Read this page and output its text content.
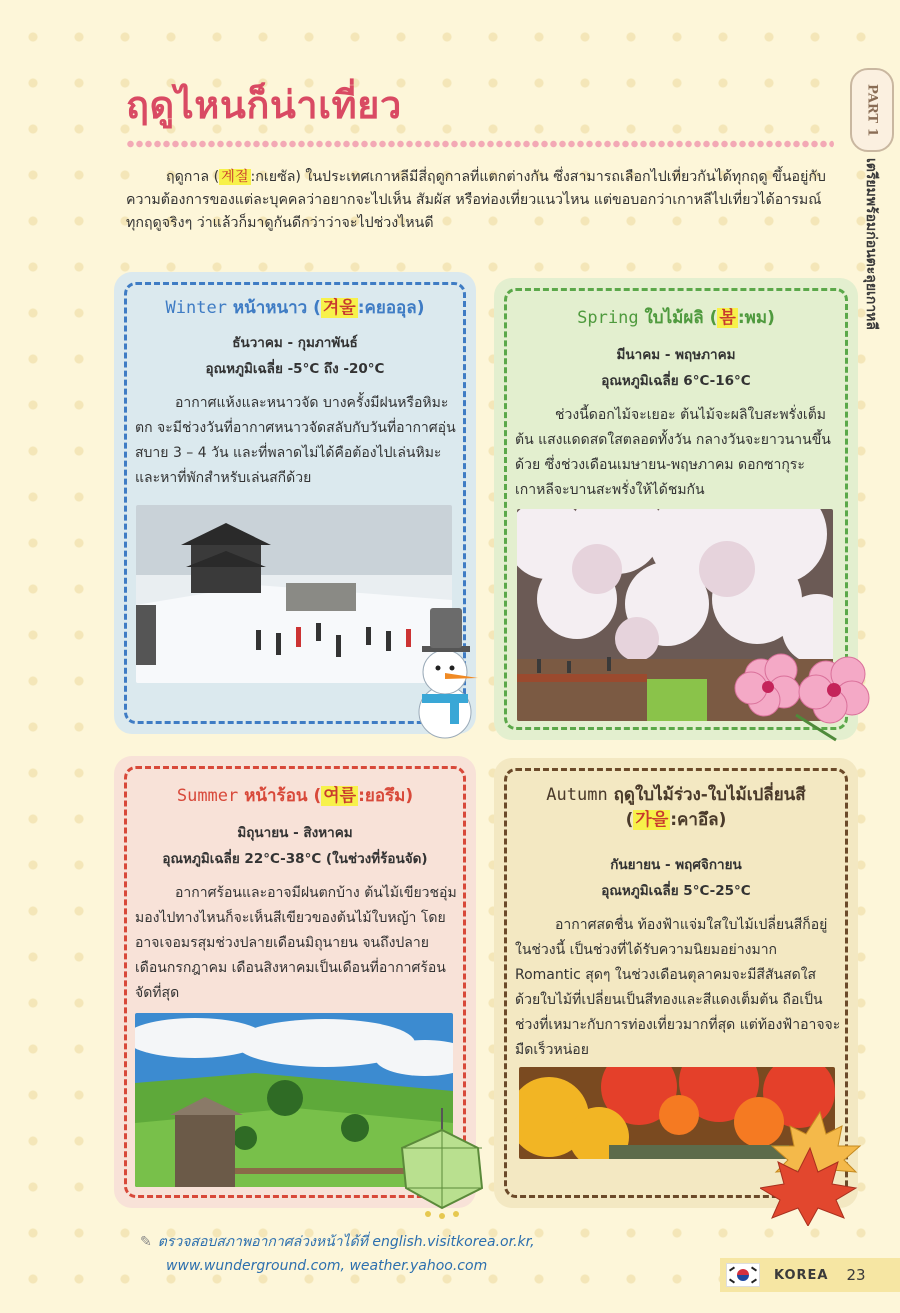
ฤดูไหนก็น่าเที่ยว	PART 1
เตรียมพร้อมก่อนตะลุยเกาหลี

ฤดูกาล ( 계절 :กเยซัล) ในประเทศเกาหลีมีสี่ฤดูกาลที่แตกต่างกัน ซึ่งสามารถเลือกไปเที่ยวกันได้ทุกฤดู ขึ้นอยู่กับความต้องการของแต่ละบุคคลว่าอยากจะไปเห็น สัมผัส หรือท่องเที่ยวแนวไหน แต่ขอบอกว่าเกาหลีไปเที่ยวได้อารมณ์ทุกฤดูจริงๆ ว่าแล้วก็มาดูกันดีกว่าว่าจะไปช่วงไหนดี

Winter หน้าหนาว ( 겨울 :คยออุล)
ธันวาคม - กุมภาพันธ์
อุณหภูมิเฉลี่ย -5°C ถึง -20°C

อากาศแห้งและหนาวจัด บางครั้งมีฝนหรือหิมะตก จะมีช่วงวันที่อากาศหนาวจัดสลับกับวันที่อากาศอุ่นสบาย 3 – 4 วัน และที่พลาดไม่ได้คือต้องไปเล่นหิมะและหาที่พักสำหรับเล่นสกีด้วย

Spring ใบไม้ผลิ ( 봄 :พม)
มีนาคม - พฤษภาคม
อุณหภูมิเฉลี่ย 6°C-16°C

ช่วงนี้ดอกไม้จะเยอะ ต้นไม้จะผลิใบสะพรั่งเต็มต้น แสงแดดสดใสตลอดทั้งวัน กลางวันจะยาวนานขึ้นด้วย ซึ่งช่วงเดือนเมษายน-พฤษภาคม ดอกซากุระเกาหลีจะบานสะพรั่งให้ได้ชมกัน

Summer หน้าร้อน ( 여름 :ยอรึม)
มิถุนายน - สิงหาคม
อุณหภูมิเฉลี่ย 22°C-38°C (ในช่วงที่ร้อนจัด)

อากาศร้อนและอาจมีฝนตกบ้าง ต้นไม้เขียวชอุ่ม มองไปทางไหนก็จะเห็นสีเขียวของต้นไม้ใบหญ้า โดยอาจเจอมรสุมช่วงปลายเดือนมิถุนายน จนถึงปลายเดือนกรกฎาคม เดือนสิงหาคมเป็นเดือนที่อากาศร้อนจัดที่สุด

Autumn ฤดูใบไม้ร่วง-ใบไม้เปลี่ยนสี
( 가을 :คาอึล)
กันยายน - พฤศจิกายน
อุณหภูมิเฉลี่ย 5°C-25°C

อากาศสดชื่น ท้องฟ้าแจ่มใสใบไม้เปลี่ยนสีก็อยู่ในช่วงนี้ เป็นช่วงที่ได้รับความนิยมอย่างมาก Romantic สุดๆ ในช่วงเดือนตุลาคมจะมีสีสันสดใสด้วยใบไม้ที่เปลี่ยนเป็นสีทองและสีแดงเต็มต้น ถือเป็นช่วงที่เหมาะกับการท่องเที่ยวมากที่สุด แต่ท้องฟ้าอาจจะมืดเร็วหน่อย

✎ ตรวจสอบสภาพอากาศล่วงหน้าได้ที่ english.visitkorea.or.kr,
www.wunderground.com, weather.yahoo.com
KOREA 23
